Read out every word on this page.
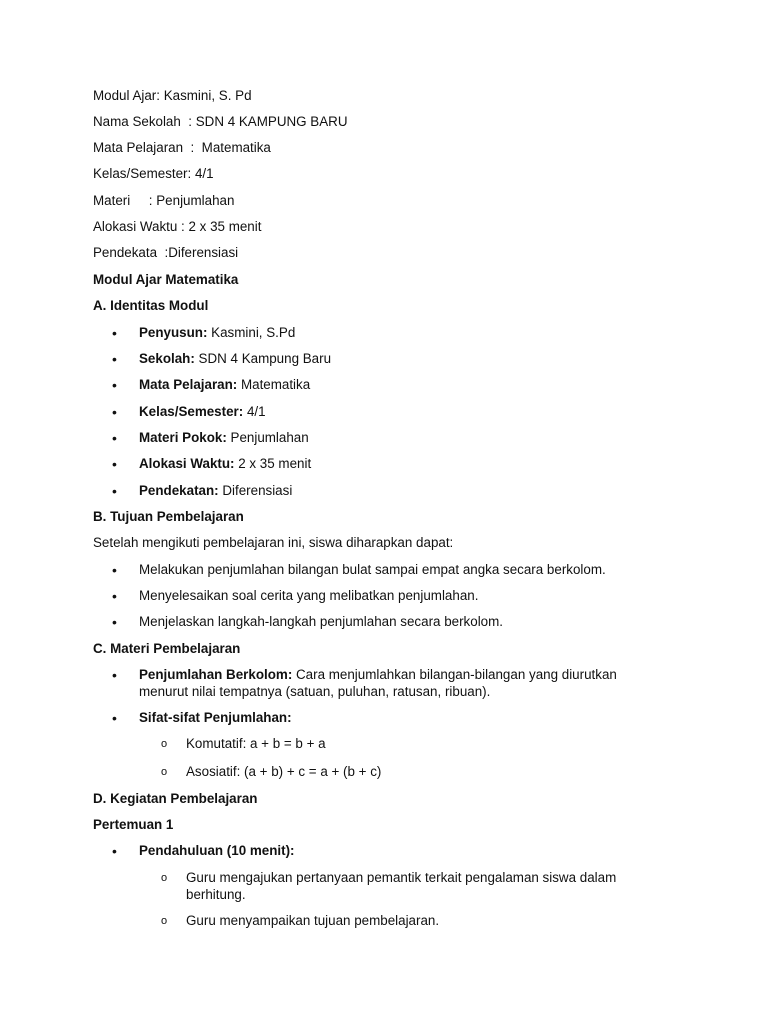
Modul Ajar: Kasmini, S. Pd
Nama Sekolah  : SDN 4 KAMPUNG BARU
Mata Pelajaran  :  Matematika
Kelas/Semester: 4/1
Materi     : Penjumlahan
Alokasi Waktu : 2 x 35 menit
Pendekata  :Diferensiasi
Modul Ajar Matematika
A. Identitas Modul
• Penyusun: Kasmini, S.Pd
• Sekolah: SDN 4 Kampung Baru
• Mata Pelajaran: Matematika
• Kelas/Semester: 4/1
• Materi Pokok: Penjumlahan
• Alokasi Waktu: 2 x 35 menit
• Pendekatan: Diferensiasi
B. Tujuan Pembelajaran
Setelah mengikuti pembelajaran ini, siswa diharapkan dapat:
• Melakukan penjumlahan bilangan bulat sampai empat angka secara berkolom.
• Menyelesaikan soal cerita yang melibatkan penjumlahan.
• Menjelaskan langkah-langkah penjumlahan secara berkolom.
C. Materi Pembelajaran
• Penjumlahan Berkolom: Cara menjumlahkan bilangan-bilangan yang diurutkan menurut nilai tempatnya (satuan, puluhan, ratusan, ribuan).
• Sifat-sifat Penjumlahan:
o Komutatif: a + b = b + a
o Asosiatif: (a + b) + c = a + (b + c)
D. Kegiatan Pembelajaran
Pertemuan 1
• Pendahuluan (10 menit):
o Guru mengajukan pertanyaan pemantik terkait pengalaman siswa dalam berhitung.
o Guru menyampaikan tujuan pembelajaran.
